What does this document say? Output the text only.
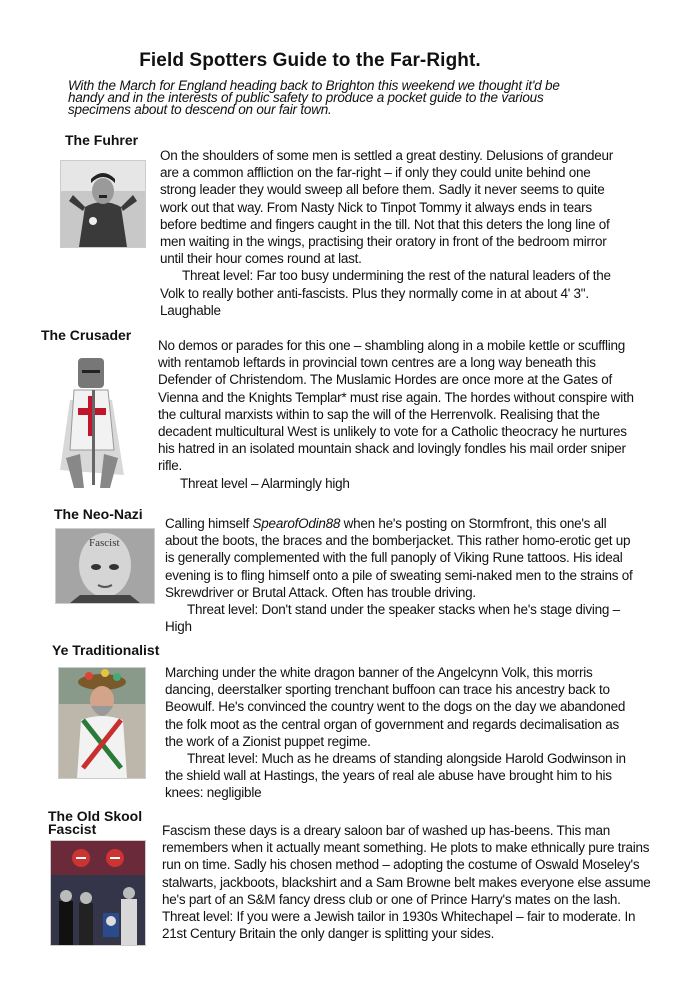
Field Spotters Guide to the Far-Right.
With the March for England heading back to Brighton this weekend we thought it'd be handy and in the interests of public safety to produce a pocket guide to the various specimens about to descend on our fair town.
The Fuhrer

On the shoulders of some men is settled a great destiny. Delusions of grandeur are a common affliction on the far-right – if only they could unite behind one strong leader they would sweep all before them. Sadly it never seems to quite work out that way. From Nasty Nick to Tinpot Tommy it always ends in tears before bedtime and fingers caught in the till. Not that this deters the long line of men waiting in the wings, practising their oratory in front of the bedroom mirror until their hour comes round at last.

Threat level: Far too busy undermining the rest of the natural leaders of the Volk to really bother anti-fascists. Plus they normally come in at about 4' 3". Laughable

The Crusader

No demos or parades for this one – shambling along in a mobile kettle or scuffling with rentamob leftards in provincial town centres are a long way beneath this Defender of Christendom. The Muslamic Hordes are once more at the Gates of Vienna and the Knights Templar* must rise again. The hordes without conspire with the cultural marxists within to sap the will of the Herrenvolk. Realising that the decadent multicultural West is unlikely to vote for a Catholic theocracy he nurtures his hatred in an isolated mountain shack and lovingly fondles his mail order sniper rifle.

Threat level – Alarmingly high

The Neo-Nazi
Fascist

Calling himself SpearofOdin88 when he's posting on Stormfront, this one's all about the boots, the braces and the bomberjacket. This rather homo-erotic get up is generally complemented with the full panoply of Viking Rune tattoos. His ideal evening is to fling himself onto a pile of sweating semi-naked men to the strains of Skrewdriver or Brutal Attack. Often has trouble driving.

Threat level: Don't stand under the speaker stacks when he's stage diving – High

Ye Traditionalist

Marching under the white dragon banner of the Angelcynn Volk, this morris dancing, deerstalker sporting trenchant buffoon can trace his ancestry back to Beowulf. He's convinced the country went to the dogs on the day we abandoned the folk moot as the central organ of government and regards decimalisation as the work of a Zionist puppet regime.

Threat level: Much as he dreams of standing alongside Harold Godwinson in the shield wall at Hastings, the years of real ale abuse have brought him to his knees: negligible

The Old Skool
Fascist	Fascism these days is a dreary saloon bar of washed up has-beens. This man remembers when it actually meant something. He plots to make ethnically pure trains run on time. Sadly his chosen method – adopting the costume of Oswald Moseley's stalwarts, jackboots, blackshirt and a Sam Browne belt makes everyone else assume he's part of an S&M fancy dress club or one of Prince Harry's mates on the lash.

Threat level: If you were a Jewish tailor in 1930s Whitechapel – fair to moderate. In 21st Century Britain the only danger is splitting your sides.
